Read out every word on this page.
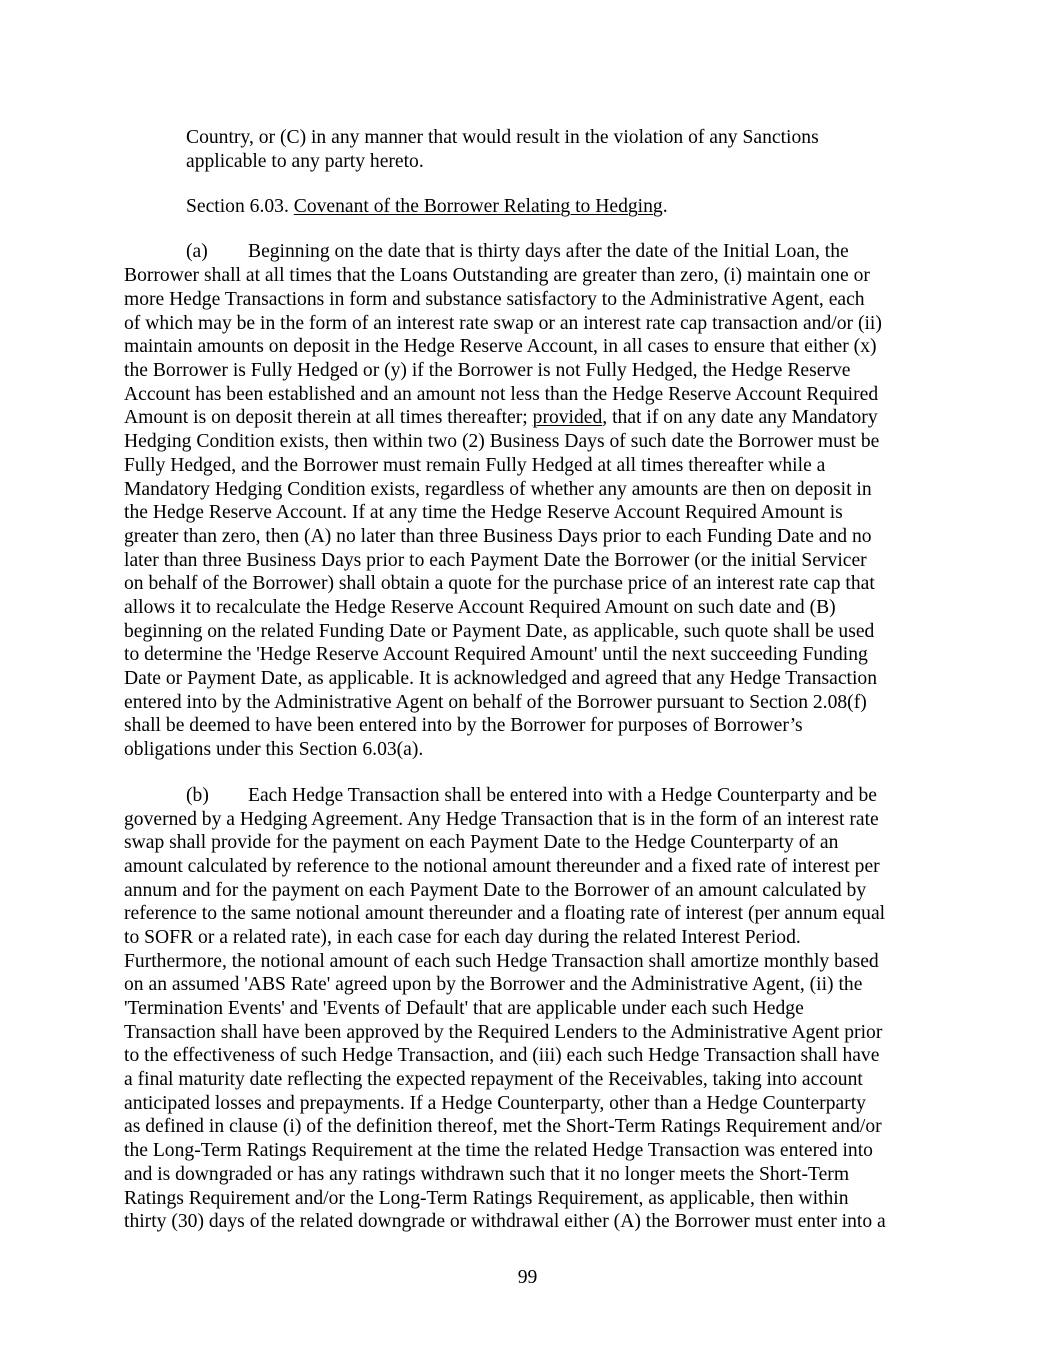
Country, or (C) in any manner that would result in the violation of any Sanctions
applicable to any party hereto.
Section 6.03. Covenant of the Borrower Relating to Hedging.
(a) Beginning on the date that is thirty days after the date of the Initial Loan, the
Borrower shall at all times that the Loans Outstanding are greater than zero, (i) maintain one or
more Hedge Transactions in form and substance satisfactory to the Administrative Agent, each
of which may be in the form of an interest rate swap or an interest rate cap transaction and/or (ii)
maintain amounts on deposit in the Hedge Reserve Account, in all cases to ensure that either (x)
the Borrower is Fully Hedged or (y) if the Borrower is not Fully Hedged, the Hedge Reserve
Account has been established and an amount not less than the Hedge Reserve Account Required
Amount is on deposit therein at all times thereafter; provided, that if on any date any Mandatory
Hedging Condition exists, then within two (2) Business Days of such date the Borrower must be
Fully Hedged, and the Borrower must remain Fully Hedged at all times thereafter while a
Mandatory Hedging Condition exists, regardless of whether any amounts are then on deposit in
the Hedge Reserve Account. If at any time the Hedge Reserve Account Required Amount is
greater than zero, then (A) no later than three Business Days prior to each Funding Date and no
later than three Business Days prior to each Payment Date the Borrower (or the initial Servicer
on behalf of the Borrower) shall obtain a quote for the purchase price of an interest rate cap that
allows it to recalculate the Hedge Reserve Account Required Amount on such date and (B)
beginning on the related Funding Date or Payment Date, as applicable, such quote shall be used
to determine the 'Hedge Reserve Account Required Amount' until the next succeeding Funding
Date or Payment Date, as applicable. It is acknowledged and agreed that any Hedge Transaction
entered into by the Administrative Agent on behalf of the Borrower pursuant to Section 2.08(f)
shall be deemed to have been entered into by the Borrower for purposes of Borrower’s
obligations under this Section 6.03(a).
(b) Each Hedge Transaction shall be entered into with a Hedge Counterparty and be
governed by a Hedging Agreement. Any Hedge Transaction that is in the form of an interest rate
swap shall provide for the payment on each Payment Date to the Hedge Counterparty of an
amount calculated by reference to the notional amount thereunder and a fixed rate of interest per
annum and for the payment on each Payment Date to the Borrower of an amount calculated by
reference to the same notional amount thereunder and a floating rate of interest (per annum equal
to SOFR or a related rate), in each case for each day during the related Interest Period.
Furthermore, the notional amount of each such Hedge Transaction shall amortize monthly based
on an assumed 'ABS Rate' agreed upon by the Borrower and the Administrative Agent, (ii) the
'Termination Events' and 'Events of Default' that are applicable under each such Hedge
Transaction shall have been approved by the Required Lenders to the Administrative Agent prior
to the effectiveness of such Hedge Transaction, and (iii) each such Hedge Transaction shall have
a final maturity date reflecting the expected repayment of the Receivables, taking into account
anticipated losses and prepayments. If a Hedge Counterparty, other than a Hedge Counterparty
as defined in clause (i) of the definition thereof, met the Short-Term Ratings Requirement and/or
the Long-Term Ratings Requirement at the time the related Hedge Transaction was entered into
and is downgraded or has any ratings withdrawn such that it no longer meets the Short-Term
Ratings Requirement and/or the Long-Term Ratings Requirement, as applicable, then within
thirty (30) days of the related downgrade or withdrawal either (A) the Borrower must enter into a
99
